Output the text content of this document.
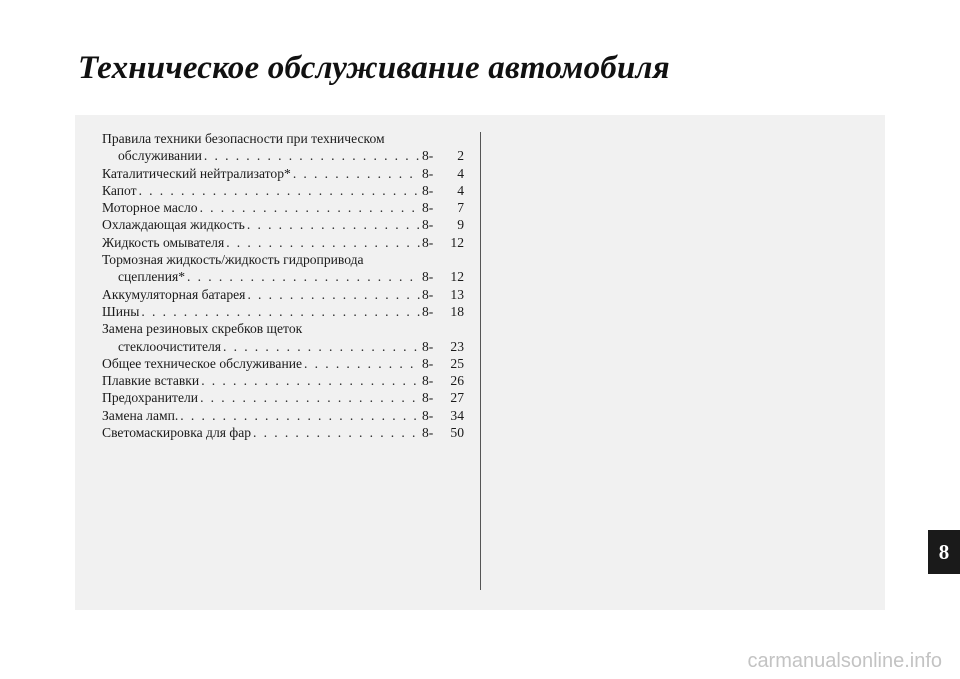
Техническое обслуживание автомобиля
Правила техники безопасности при техническом
обслуживании . . .	8- 2
Каталитический нейтрализатор* . . .	8- 4
Капот . . .	8- 4
Моторное масло . . .	8- 7
Охлаждающая жидкость . . .	8- 9
Жидкость омывателя . . .	8- 12
Тормозная жидкость/жидкость гидропривода
сцепления* . . .	8- 12
Аккумуляторная батарея . . .	8- 13
Шины . . .	8- 18
Замена резиновых скребков щеток
стеклоочистителя . . .	8- 23
Общее техническое обслуживание . . .	8- 25
Плавкие вставки . . .	8- 26
Предохранители . . .	8- 27
Замена ламп. . . .	8- 34
Светомаскировка для фар . . .	8- 50
8
carmanualsonline.info
